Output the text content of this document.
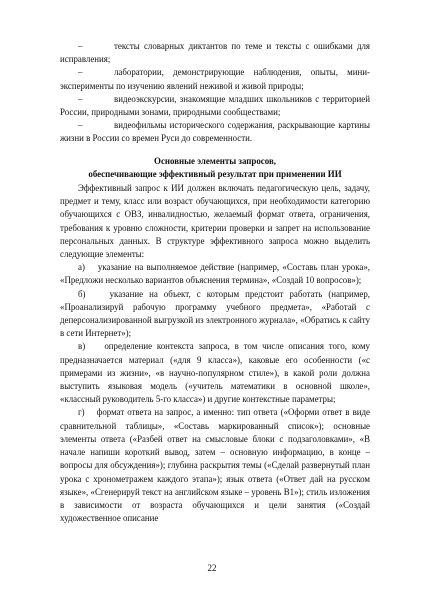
–	тексты словарных диктантов по теме и тексты с ошибками для исправления;

–	лаборатории, демонстрирующие наблюдения, опыты, мини-эксперименты по изучению явлений неживой и живой природы;

–	видеоэкскурсии, знакомящие младших школьников с территорией России, природными зонами, природными сообществами;

–	видеофильмы исторического содержания, раскрывающие картины жизни в России со времен Руси до современности.

Основные элементы запросов,
обеспечивающие эффективный результат при применении ИИ

Эффективный запрос к ИИ должен включать педагогическую цель, задачу, предмет и тему, класс или возраст обучающихся, при необходимости категорию обучающихся с ОВЗ, инвалидностью, желаемый формат ответа, ограничения, требования к уровню сложности, критерии проверки и запрет на использование персональных данных. В структуре эффективного запроса можно выделить следующие элементы:

а)    указание на выполняемое действие (например, «Составь план урока», «Предложи несколько вариантов объяснения термина», «Создай 10 вопросов»);

б)    указание на объект, с которым предстоит работать (например, «Проанализируй рабочую программу учебного предмета», «Работай с деперсонализированной выгрузкой из электронного журнала», «Обратись к сайту в сети Интернет»);

в)    определение контекста запроса, в том числе описания того, кому предназначается материал («для 9 класса»), каковые его особенности («с примерами из жизни», «в научно-популярном стиле»), в какой роли должна выступить языковая модель («учитель математики в основной школе», «классный руководитель 5-го класса») и другие контекстные параметры;

г)    формат ответа на запрос, а именно: тип ответа («Оформи ответ в виде сравнительной таблицы», «Составь маркированный список»); основные элементы ответа («Разбей ответ на смысловые блоки с подзаголовками», «В начале напиши короткий вывод, затем – основную информацию, в конце – вопросы для обсуждения»); глубина раскрытия темы («Сделай развернутый план урока с хронометражем каждого этапа»); язык ответа («Ответ дай на русском языке», «Сгенерируй текст на английском языке – уровень B1»); стиль изложения в зависимости от возраста обучающихся и цели занятия («Создай художественное описание

22
